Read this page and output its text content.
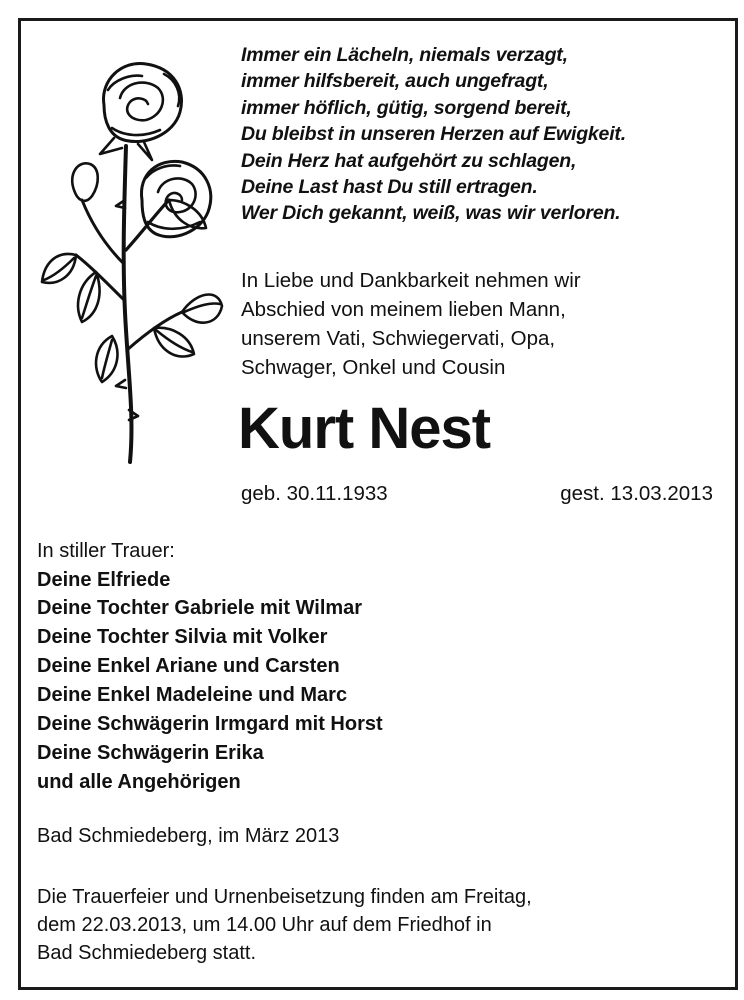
Immer ein Lächeln, niemals verzagt,
immer hilfsbereit, auch ungefragt,
immer höflich, gütig, sorgend bereit,
Du bleibst in unseren Herzen auf Ewigkeit.
Dein Herz hat aufgehört zu schlagen,
Deine Last hast Du still ertragen.
Wer Dich gekannt, weiß, was wir verloren.
In Liebe und Dankbarkeit nehmen wir
Abschied von meinem lieben Mann,
unserem Vati, Schwiegervati, Opa,
Schwager, Onkel und Cousin
Kurt Nest
geb. 30.11.1933	gest. 13.03.2013
In stiller Trauer:
Deine Elfriede
Deine Tochter Gabriele mit Wilmar
Deine Tochter Silvia mit Volker
Deine Enkel Ariane und Carsten
Deine Enkel Madeleine und Marc
Deine Schwägerin Irmgard mit Horst
Deine Schwägerin Erika
und alle Angehörigen
Bad Schmiedeberg, im März 2013
Die Trauerfeier und Urnenbeisetzung finden am Freitag,
dem 22.03.2013, um 14.00 Uhr auf dem Friedhof in
Bad Schmiedeberg statt.
